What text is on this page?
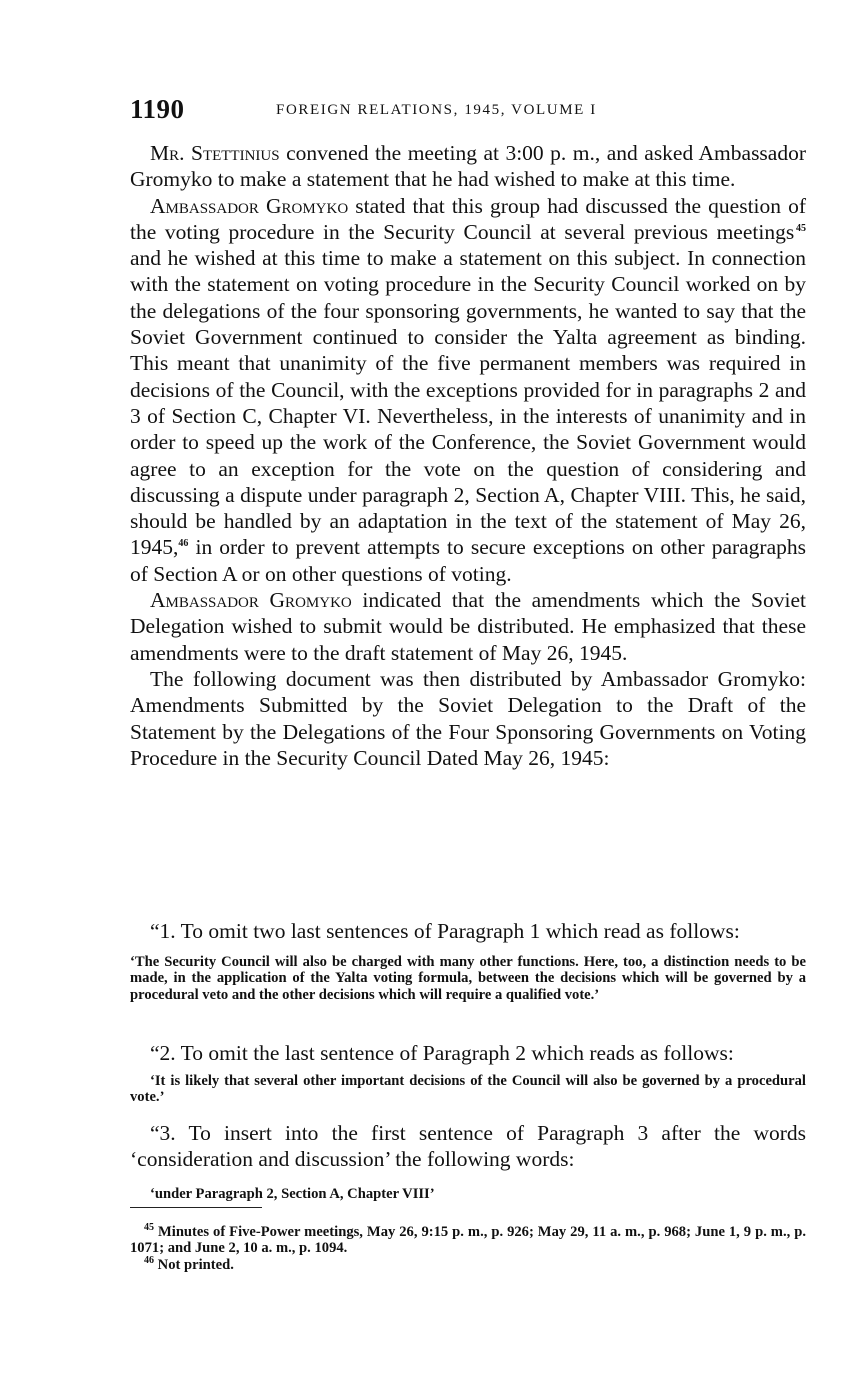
1190	FOREIGN RELATIONS, 1945, VOLUME I

Mr. Stettinius convened the meeting at 3:00 p. m., and asked Ambassador Gromyko to make a statement that he had wished to make at this time.

Ambassador Gromyko stated that this group had discussed the question of the voting procedure in the Security Council at several previous meetings  $^{45}$ and he wished at this time to make a statement on this subject. In connection with the statement on voting procedure in the Security Council worked on by the delegations of the four sponsoring governments, he wanted to say that the Soviet Government continued to consider the Yalta agreement as binding. This meant that unanimity of the five permanent members was required in decisions of the Council, with the exceptions provided for in paragraphs 2 and 3 of Section C, Chapter VI. Nevertheless, in the interests of unanimity and in order to speed up the work of the Conference, the Soviet Government would agree to an exception for the vote on the question of considering and discussing a dispute under paragraph 2, Section A, Chapter VIII. This, he said, should be handled by an adaptation in the text of the statement of May 26, 1945,46 in order to prevent attempts to secure exceptions on other paragraphs of Section A or on other questions of voting.

Ambassador Gromyko indicated that the amendments which the Soviet Delegation wished to submit would be distributed. He emphasized that these amendments were to the draft statement of May 26, 1945.

The following document was then distributed by Ambassador Gromyko: Amendments Submitted by the Soviet Delegation to the Draft of the Statement by the Delegations of the Four Sponsoring Governments on Voting Procedure in the Security Council Dated May 26, 1945:

“1. To omit two last sentences of Paragraph 1 which read as follows:

‘The Security Council will also be charged with many other functions. Here, too, a distinction needs to be made, in the application of the Yalta voting formula, between the decisions which will be governed by a procedural veto and the other decisions which will require a qualified vote.’

“2. To omit the last sentence of Paragraph 2 which reads as follows:

‘It is likely that several other important decisions of the Council will also be governed by a procedural vote.’

“3. To insert into the first sentence of Paragraph 3 after the words ‘consideration and discussion’ the following words:

‘under Paragraph 2, Section A, Chapter VIII’

$^{45}$ Minutes of Five-Power meetings, May 26, 9:15 p. m., p. 926; May 29, 11 a. m., p. 968; June 1, 9 p. m., p. 1071; and June 2, 10 a. m., p. 1094.

$^{46}$ Not printed.
